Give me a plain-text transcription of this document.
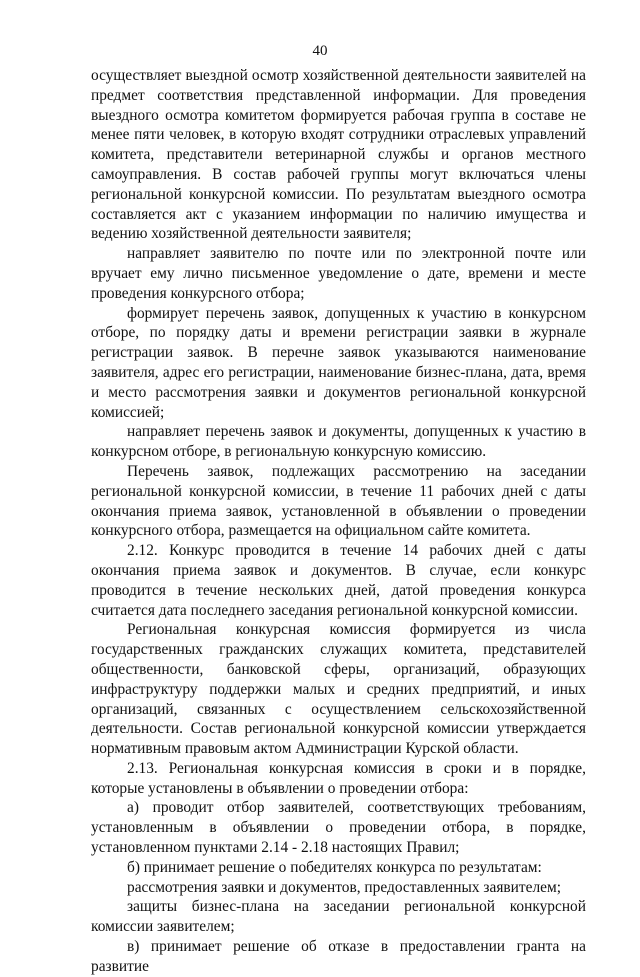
40

осуществляет выездной осмотр хозяйственной деятельности заявителей на предмет соответствия представленной информации. Для проведения выездного осмотра комитетом формируется рабочая группа в составе не менее пяти человек, в которую входят сотрудники отраслевых управлений комитета, представители ветеринарной службы и органов местного самоуправления. В состав рабочей группы могут включаться члены региональной конкурсной комиссии. По результатам выездного осмотра составляется акт с указанием информации по наличию имущества и ведению хозяйственной деятельности заявителя;

направляет заявителю по почте или по электронной почте или вручает ему лично письменное уведомление о дате, времени и месте проведения конкурсного отбора;

формирует перечень заявок, допущенных к участию в конкурсном отборе, по порядку даты и времени регистрации заявки в журнале регистрации заявок. В перечне заявок указываются наименование заявителя, адрес его регистрации, наименование бизнес-плана, дата, время и место рассмотрения заявки и документов региональной конкурсной комиссией;

направляет перечень заявок и документы, допущенных к участию в конкурсном отборе, в региональную конкурсную комиссию.

Перечень заявок, подлежащих рассмотрению на заседании региональной конкурсной комиссии, в течение 11 рабочих дней с даты окончания приема заявок, установленной в объявлении о проведении конкурсного отбора, размещается на официальном сайте комитета.

2.12. Конкурс проводится в течение 14 рабочих дней с даты окончания приема заявок и документов. В случае, если конкурс проводится в течение нескольких дней, датой проведения конкурса считается дата последнего заседания региональной конкурсной комиссии.

Региональная конкурсная комиссия формируется из числа государственных гражданских служащих комитета, представителей общественности, банковской сферы, организаций, образующих инфраструктуру поддержки малых и средних предприятий, и иных организаций, связанных с осуществлением сельскохозяйственной деятельности. Состав региональной конкурсной комиссии утверждается нормативным правовым актом Администрации Курской области.

2.13. Региональная конкурсная комиссия в сроки и в порядке, которые установлены в объявлении о проведении отбора:

а) проводит отбор заявителей, соответствующих требованиям, установленным в объявлении о проведении отбора, в порядке, установленном пунктами 2.14 - 2.18 настоящих Правил;

б) принимает решение о победителях конкурса по результатам:

рассмотрения заявки и документов, предоставленных заявителем;

защиты бизнес-плана на заседании региональной конкурсной комиссии заявителем;

в) принимает решение об отказе в предоставлении гранта на развитие
